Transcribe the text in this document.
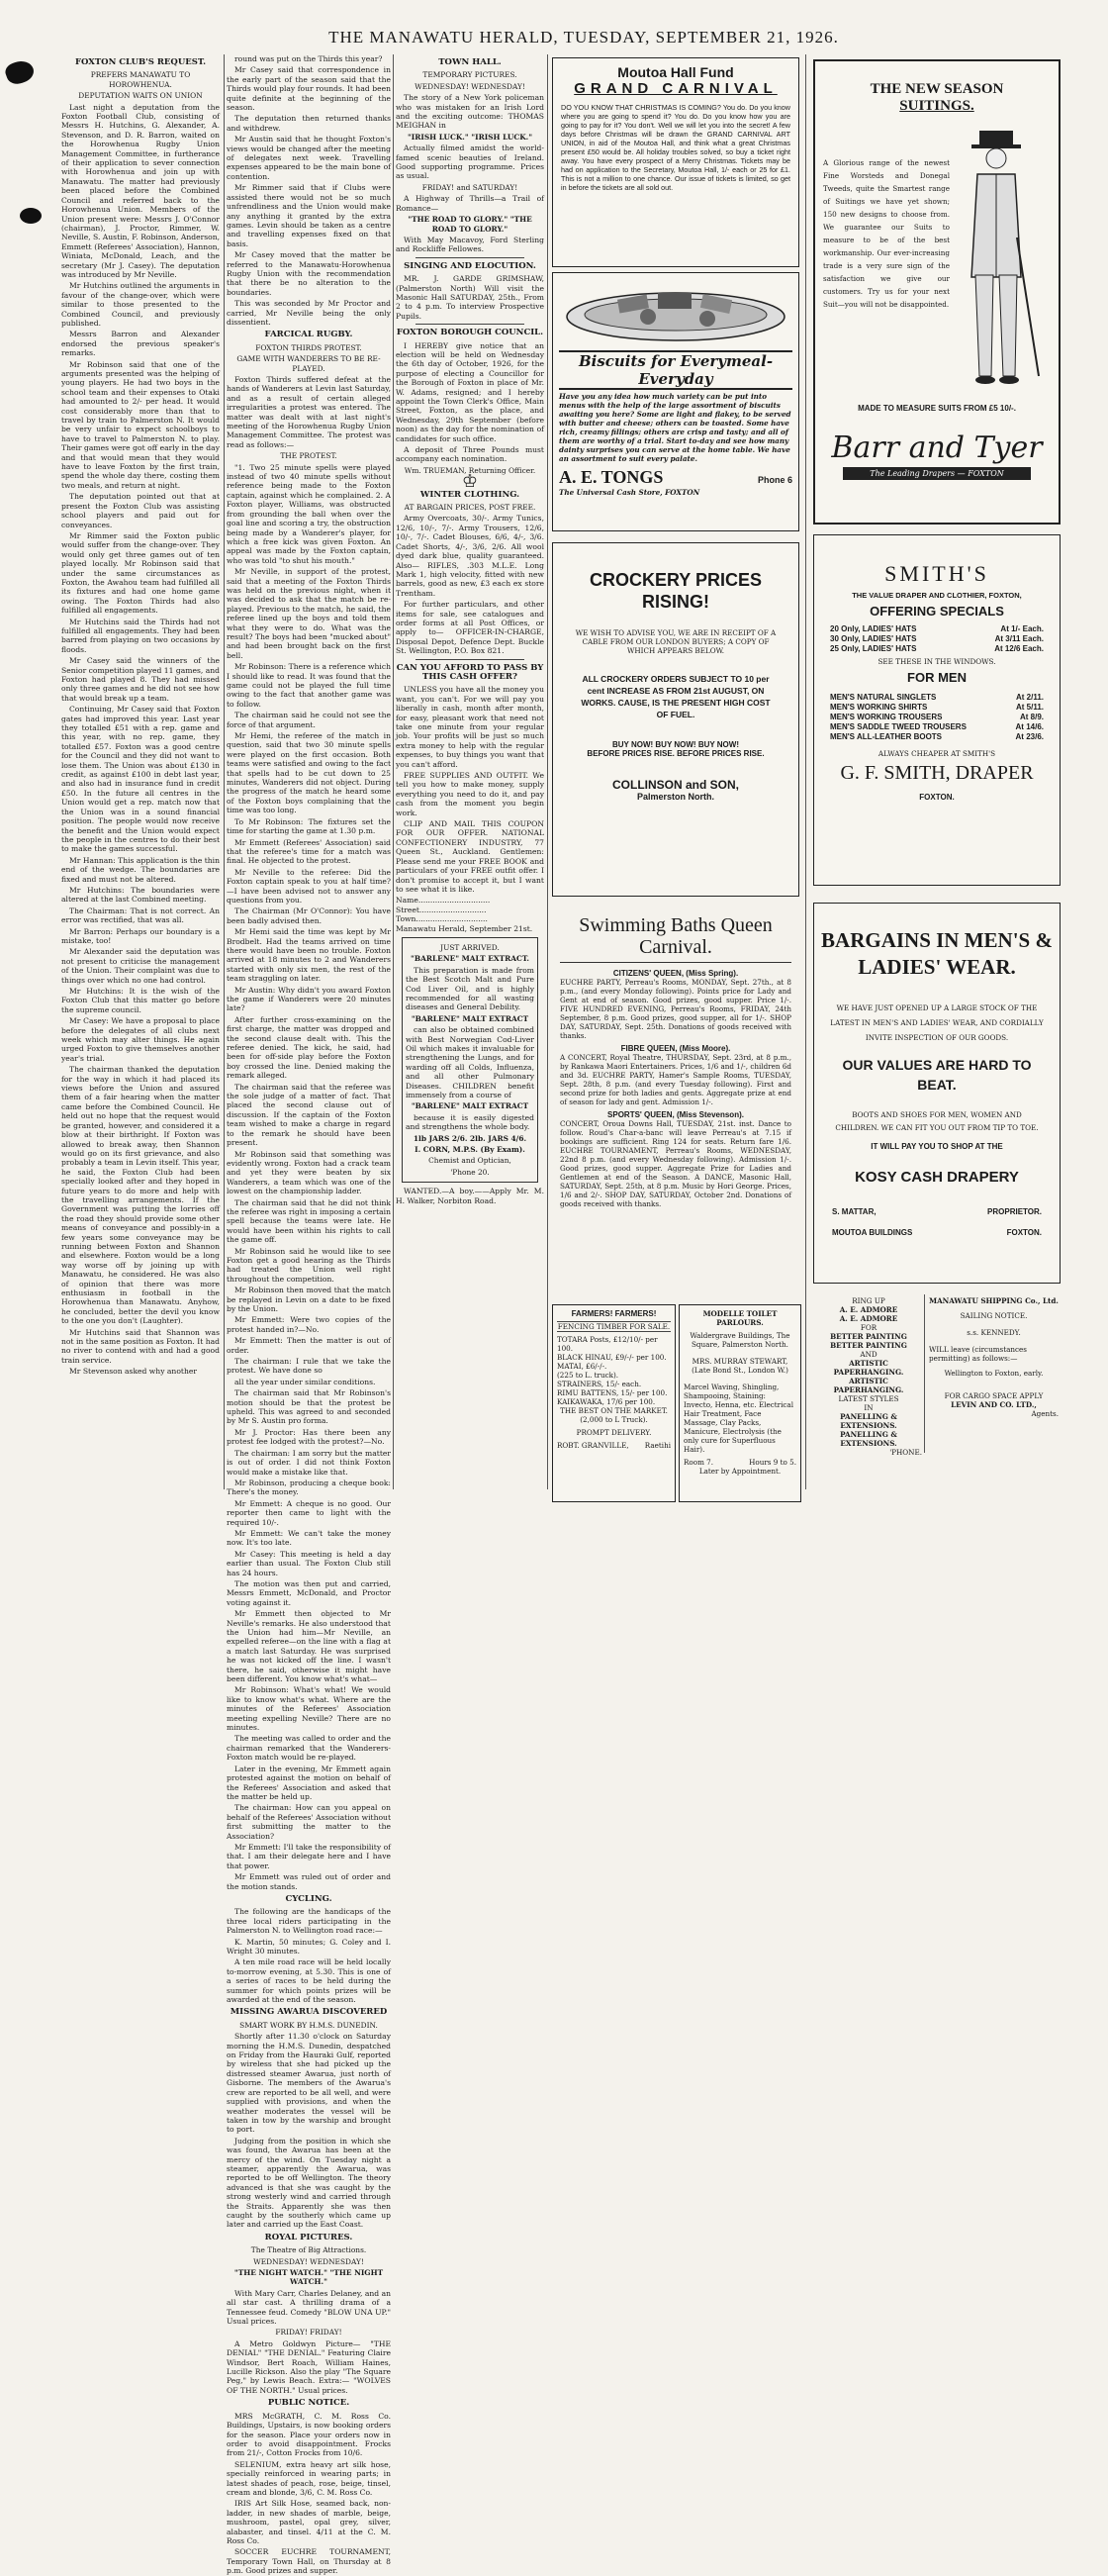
THE MANAWATU HERALD, TUESDAY, SEPTEMBER 21, 1926.
FOXTON CLUB'S REQUEST.
PREFERS MANAWATU TO HOROWHENUA.
DEPUTATION WAITS ON UNION

Last night a deputation from the Foxton Football Club, consisting of Messrs H. Hutchins, G. Alexander, A. Stevenson, and D. R. Barron, waited on the Horowhenua Rugby Union Management Committee, in furtherance of their application to sever connection with Horowhenua and join up with Manawatu. The matter had previously been placed before the Combined Council and referred back to the Horowhenua Union. Members of the Union present were: Messrs J. O'Connor (chairman), J. Proctor, Rimmer, W. Neville, S. Austin, F. Robinson, Anderson, Emmett (Referees' Association), Hannon, Winiata, McDonald, Leach, and the secretary (Mr J. Casey). The deputation was introduced by Mr Neville.

Mr Hutchins outlined the arguments in favour of the change-over, which were similar to those presented to the Combined Council, and previously published.

Messrs Barron and Alexander endorsed the previous speaker's remarks.

Mr Robinson said that one of the arguments presented was the helping of young players. He had two boys in the school team and their expenses to Otaki had amounted to 2/- per head. It would cost considerably more than that to travel by train to Palmerston N. It would be very unfair to expect schoolboys to have to travel to Palmerston N. to play. Their games were got off early in the day and that would mean that they would have to leave Foxton by the first train, spend the whole day there, costing them two meals, and return at night.

The deputation pointed out that at present the Foxton Club was assisting school players and paid out for conveyances.

Mr Rimmer said the Foxton public would suffer from the change-over. They would only get three games out of ten played locally. Mr Robinson said that under the same circumstances as Foxton, the Awahou team had fulfilled all its fixtures and had one home game owing. The Foxton Thirds had also fulfilled all engagements.

Mr Hutchins said the Thirds had not fulfilled all engagements. They had been barred from playing on two occasions by floods.

Mr Casey said the winners of the Senior competition played 11 games, and Foxton had played 8. They had missed only three games and he did not see how that would break up a team.

Continuing, Mr Casey said that Foxton gates had improved this year. Last year they totalled £51 with a rep. game and this year, with no rep. game, they totalled £57. Foxton was a good centre for the Council and they did not want to lose them. The Union was about £130 in credit, as against £100 in debt last year, and also had in insurance fund in credit £50. In the future all centres in the Union would get a rep. match now that the Union was in a sound financial position. The people would now receive the benefit and the Union would expect the people in the centres to do their best to make the games successful.

Mr Hannan: This application is the thin end of the wedge. The boundaries are fixed and must not be altered.

Mr Hutchins: The boundaries were altered at the last Combined meeting.

The Chairman: That is not correct. An error was rectified, that was all.

Mr Barron: Perhaps our boundary is a mistake, too!

Mr Alexander said the deputation was not present to criticise the management of the Union. Their complaint was due to things over which no one had control.

Mr Hutchins: It is the wish of the Foxton Club that this matter go before the supreme council.

Mr Casey: We have a proposal to place before the delegates of all clubs next week which may alter things. He again urged Foxton to give themselves another year's trial.

The chairman thanked the deputation for the way in which it had placed its views before the Union and assured them of a fair hearing when the matter came before the Combined Council. He held out no hope that the request would be granted, however, and considered it a blow at their birthright. If Foxton was allowed to break away, then Shannon would go on its first grievance, and also probably a team in Levin itself. This year, he said, the Foxton Club had been specially looked after and they hoped in future years to do more and help with the travelling arrangements. If the Government was putting the lorries off the road they should provide some other means of conveyance and possibly-in a few years some conveyance may be running between Foxton and Shannon and elsewhere. Foxton would be a long way worse off by joining up with Manawatu, he considered. He was also of opinion that there was more enthusiasm in football in the Horowhenua than Manawatu. Anyhow, he concluded, better the devil you know to the one you don't (Laughter).

Mr Hutchins said that Shannon was not in the same position as Foxton. It had no river to contend with and had a good train service.

Mr Stevenson asked why another

round was put on the Thirds this year?

Mr Casey said that correspondence in the early part of the season said that the Thirds would play four rounds. It had been quite definite at the beginning of the season.

The deputation then returned thanks and withdrew.

Mr Austin said that he thought Foxton's views would be changed after the meeting of delegates next week. Travelling expenses appeared to be the main bone of contention.

Mr Rimmer said that if Clubs were assisted there would not be so much unfrendliness and the Union would make any anything it granted by the extra games. Levin should be taken as a centre and travelling expenses fixed on that basis.

Mr Casey moved that the matter be referred to the Manawatu-Horowhenua Rugby Union with the recommendation that there be no alteration to the boundaries.

This was seconded by Mr Proctor and carried, Mr Neville being the only dissentient.

FARCICAL RUGBY.
FOXTON THIRDS PROTEST.
GAME WITH WANDERERS TO BE RE-PLAYED.

Foxton Thirds suffered defeat at the hands of Wanderers at Levin last Saturday, and as a result of certain alleged irregularities a protest was entered. The matter was dealt with at last night's meeting of the Horowhenua Rugby Union Management Committee. The protest was read as follows:—

THE PROTEST.

"1. Two 25 minute spells were played instead of two 40 minute spells without reference being made to the Foxton captain, against which he complained. 2. A Foxton player, Williams, was obstructed from grounding the ball when over the goal line and scoring a try, the obstruction being made by a Wanderer's player, for which a free kick was given Foxton. An appeal was made by the Foxton captain, who was told "to shut his mouth."

Mr Neville, in support of the protest, said that a meeting of the Foxton Thirds was held on the previous night, when it was decided to ask that the match be re-played. Previous to the match, he said, the referee lined up the boys and told them what they were to do. What was the result? The boys had been "mucked about" and had been brought back on the first bell.

Mr Robinson: There is a reference which I should like to read. It was found that the game could not be played the full time owing to the fact that another game was to follow.

The chairman said he could not see the force of that argument.

Mr Hemi, the referee of the match in question, said that two 30 minute spells were played on the first occasion. Both teams were satisfied and owing to the fact that spells had to be cut down to 25 minutes, Wanderers did not object. During the progress of the match he heard some of the Foxton boys complaining that the time was too long.

To Mr Robinson: The fixtures set the time for starting the game at 1.30 p.m.

Mr Emmett (Referees' Association) said that the referee's time for a match was final. He objected to the protest.

Mr Neville to the referee: Did the Foxton captain speak to you at half time?—I have been advised not to answer any questions from you.

The Chairman (Mr O'Connor): You have been badly advised then.

Mr Hemi said the time was kept by Mr Brodbelt. Had the teams arrived on time there would have been no trouble. Foxton arrived at 18 minutes to 2 and Wanderers started with only six men, the rest of the team straggling on later.

Mr Austin: Why didn't you award Foxton the game if Wanderers were 20 minutes late?

After further cross-examining on the first charge, the matter was dropped and the second clause dealt with. This the referee denied. The kick, he said, had been for off-side play before the Foxton boy crossed the line. Denied making the remark alleged.

The chairman said that the referee was the sole judge of a matter of fact. That placed the second clause out of discussion. If the captain of the Foxton team wished to make a charge in regard to the remark he should have been present.

Mr Robinson said that something was evidently wrong. Foxton had a crack team and yet they were beaten by six Wanderers, a team which was one of the lowest on the championship ladder.

The chairman said that he did not think the referee was right in imposing a certain spell because the teams were late. He would have been within his rights to call the game off.

Mr Robinson said he would like to see Foxton get a good hearing as the Thirds had treated the Union well right throughout the competition.

Mr Robinson then moved that the match be replayed in Levin on a date to be fixed by the Union.

Mr Emmett: Were two copies of the protest handed in?—No.

Mr Emmett: Then the matter is out of order.

The chairman: I rule that we take the protest. We have done so

all the year under similar conditions.

The chairman said that Mr Robinson's motion should be that the protest be upheld. This was agreed to and seconded by Mr S. Austin pro forma.

Mr J. Proctor: Has there been any protest fee lodged with the protest?—No.

The chairman: I am sorry but the matter is out of order. I did not think Foxton would make a mistake like that.

Mr Robinson, producing a cheque book: There's the money.

Mr Emmett: A cheque is no good. Our reporter then came to light with the required 10/-.

Mr Emmett: We can't take the money now. It's too late.

Mr Casey: This meeting is held a day earlier than usual. The Foxton Club still has 24 hours.

The motion was then put and carried, Messrs Emmett, McDonald, and Proctor voting against it.

Mr Emmett then objected to Mr Neville's remarks. He also understood that the Union had him—Mr Neville, an expelled referee—on the line with a flag at a match last Saturday. He was surprised he was not kicked off the line. I wasn't there, he said, otherwise it might have been different. You know what's what—

Mr Robinson: What's what! We would like to know what's what. Where are the minutes of the Referees' Association meeting expelling Neville? There are no minutes.

The meeting was called to order and the chairman remarked that the Wanderers-Foxton match would be re-played.

Later in the evening, Mr Emmett again protested against the motion on behalf of the Referees' Association and asked that the matter be held up.

The chairman: How can you appeal on behalf of the Referees' Association without first submitting the matter to the Association?

Mr Emmett: I'll take the responsibility of that. I am their delegate here and I have that power.

Mr Emmett was ruled out of order and the motion stands.

CYCLING.

The following are the handicaps of the three local riders participating in the Palmerston N. to Wellington road race:—

K. Martin, 50 minutes; G. Coley and I. Wright 30 minutes.

A ten mile road race will be held locally to-morrow evening, at 5.30. This is one of a series of races to be held during the summer for which points prizes will be awarded at the end of the season.

MISSING AWARUA DISCOVERED
SMART WORK BY H.M.S. DUNEDIN.

Shortly after 11.30 o'clock on Saturday morning the H.M.S. Dunedin, despatched on Friday from the Hauraki Gulf, reported by wireless that she had picked up the distressed steamer Awarua, just north of Gisborne. The members of the Awarua's crew are reported to be all well, and were supplied with provisions, and when the weather moderates the vessel will be taken in tow by the warship and brought to port.

Judging from the position in which she was found, the Awarua has been at the mercy of the wind. On Tuesday night a steamer, apparently the Awarua, was reported to be off Wellington. The theory advanced is that she was caught by the strong westerly wind and carried through the Straits. Apparently she was then caught by the southerly which came up later and carried up the East Coast.

ROYAL PICTURES.
The Theatre of Big Attractions.
WEDNESDAY! WEDNESDAY!
"THE NIGHT WATCH." "THE NIGHT WATCH."

With Mary Carr, Charles Delaney, and an all star cast. A thrilling drama of a Tennessee feud. Comedy "BLOW UNA UP." Usual prices.

FRIDAY! FRIDAY!

A Metro Goldwyn Picture— "THE DENIAL" "THE DENIAL." Featuring Claire Windsor, Bert Roach, William Haines, Lucille Rickson. Also the play "The Square Peg," by Lewis Beach. Extra:— "WOLVES OF THE NORTH." Usual prices.

PUBLIC NOTICE.

MRS McGRATH, C. M. Ross Co. Buildings, Upstairs, is now booking orders for the season. Place your orders now in order to avoid disappointment. Frocks from 21/-, Cotton Frocks from 10/6.

SELENIUM, extra heavy art silk hose, specially reinforced in wearing parts; in latest shades of peach, rose, beige, tinsel, cream and blonde, 3/6, C. M. Ross Co.

IRIS Art Silk Hose, seamed back, non-ladder, in new shades of marble, beige, mushroom, pastel, opal grey, silver, alabaster, and tinsel. 4/11 at the C. M. Ross Co.

SOCCER EUCHRE TOURNAMENT, Temporary Town Hall, on Thursday at 8 p.m. Good prizes and supper.

TOWN HALL.
TEMPORARY PICTURES.
WEDNESDAY! WEDNESDAY!

The story of a New York policeman who was mistaken for an Irish Lord and the exciting outcome: THOMAS MEIGHAN in

"IRISH LUCK." "IRISH LUCK."

Actually filmed amidst the world-famed scenic beauties of Ireland. Good supporting programme. Prices as usual.

FRIDAY! and SATURDAY!

A Highway of Thrills—a Trail of Romance—

"THE ROAD TO GLORY." "THE ROAD TO GLORY."

With May Macavoy, Ford Sterling and Rockliffe Fellowes.

SINGING AND ELOCUTION.

MR. J. GARDE GRIMSHAW, (Palmerston North) Will visit the Masonic Hall SATURDAY, 25th., From 2 to 4 p.m. To interview Prospective Pupils.

FOXTON BOROUGH COUNCIL.

I HEREBY give notice that an election will be held on Wednesday the 6th day of October, 1926, for the purpose of electing a Councillor for the Borough of Foxton in place of Mr. W. Adams, resigned; and I hereby appoint the Town Clerk's Office, Main Street, Foxton, as the place, and Wednesday, 29th September (before noon) as the day for the nomination of candidates for such office.

A deposit of Three Pounds must accompany each nomination.

Wm. TRUEMAN, Returning Officer.
♔
WINTER CLOTHING.
AT BARGAIN PRICES, POST FREE.

Army Overcoats, 30/-. Army Tunics, 12/6, 10/-, 7/-. Army Trousers, 12/6, 10/-, 7/-. Cadet Blouses, 6/6, 4/-, 3/6. Cadet Shorts, 4/-, 3/6, 2/6. All wool dyed dark blue, quality guaranteed. Also— RIFLES, .303 M.L.E. Long Mark 1, high velocity, fitted with new barrels, good as new, £3 each ex store Trentham.

For further particulars, and other items for sale, see catalogues and order forms at all Post Offices, or apply to— OFFICER-IN-CHARGE, Disposal Depot, Defence Dept. Buckle St. Wellington, P.O. Box 821.

CAN YOU AFFORD TO PASS BY THIS CASH OFFER?

UNLESS you have all the money you want, you can't. For we will pay you liberally in cash, month after month, for easy, pleasant work that need not take one minute from your regular job. Your profits will be just so much extra money to help with the regular expenses, to buy things you want that you can't afford.

FREE SUPPLIES AND OUTFIT. We tell you how to make money, supply everything you need to do it, and pay cash from the moment you begin work.

CLIP AND MAIL THIS COUPON FOR OUR OFFER. NATIONAL CONFECTIONERY INDUSTRY, 77 Queen St., Auckland. Gentlemen: Please send me your FREE BOOK and particulars of your FREE outfit offer. I don't promise to accept it, but I want to see what it is like.

Name..............................
Street............................
Town..............................
Manawatu Herald, September 21st.
JUST ARRIVED.
"BARLENE" MALT EXTRACT.

This preparation is made from the Best Scotch Malt and Pure Cod Liver Oil, and is highly recommended for all wasting diseases and General Debility.

"BARLENE" MALT EXTRACT

can also be obtained combined with Best Norwegian Cod-Liver Oil which makes it invaluable for strengthening the Lungs, and for warding off all Colds, Influenza, and all other Pulmonary Diseases. CHILDREN benefit immensely from a course of

"BARLENE" MALT EXTRACT

because it is easily digested and strengthens the whole body.

1lb JARS 2/6. 2lb. JARS 4/6.
I. CORN, M.P.S. (By Exam).
Chemist and Optician,
'Phone 20.

WANTED.—A boy.——Apply Mr. M. H. Walker, Norbiton Road.

Moutoa Hall Fund
GRAND CARNIVAL
DO YOU KNOW THAT CHRISTMAS IS COMING? You do. Do you know where you are going to spend it? You do. Do you know how you are going to pay for it? You don't. Well we will let you into the secret! A few days before Christmas will be drawn the GRAND CARNIVAL ART UNION, in aid of the Moutoa Hall, and think what a great Christmas present £50 would be. All holiday troubles solved, so buy a ticket right away. You have every prospect of a Merry Christmas. Tickets may be had on application to the Secretary, Moutoa Hall, 1/- each or 25 for £1. This is not a million to one chance. Our issue of tickets is limited, so get in before the tickets are all sold out.
Biscuits for Everymeal-Everyday
Have you any idea how much variety can be put into menus with the help of the large assortment of biscuits awaiting you here? Some are light and flakey, to be served with butter and cheese; others can be toasted. Some have rich, creamy fillings; others are crisp and tasty; and all of them are worthy of a trial. Start to-day and see how many dainty surprises you can serve at the home table. We have an assortment to suit every palate.
A. E. TONGS	Phone 6
The Universal Cash Store, FOXTON
CROCKERY PRICES RISING!
WE WISH TO ADVISE YOU, WE ARE IN RECEIPT OF A CABLE FROM OUR LONDON BUYERS; A COPY OF WHICH APPEARS BELOW.
ALL CROCKERY ORDERS SUBJECT TO 10 per cent INCREASE AS FROM 21st AUGUST, ON WORKS. CAUSE, IS THE PRESENT HIGH COST OF FUEL.
BUY NOW! BUY NOW! BUY NOW!
BEFORE PRICES RISE. BEFORE PRICES RISE.
COLLINSON and SON,
Palmerston North.
Swimming Baths Queen Carnival.
CITIZENS' QUEEN, (Miss Spring).
EUCHRE PARTY, Perreau's Rooms, MONDAY, Sept. 27th., at 8 p.m., (and every Monday following). Points price for Lady and Gent at end of season. Good prizes, good supper. Price 1/-. FIVE HUNDRED EVENING, Perreau's Rooms, FRIDAY, 24th September, 8 p.m. Good prizes, good supper, all for 1/-. SHOP DAY, SATURDAY, Sept. 25th. Donations of goods received with thanks.
FIBRE QUEEN, (Miss Moore).
A CONCERT, Royal Theatre, THURSDAY, Sept. 23rd, at 8 p.m., by Rankawa Maori Entertainers. Prices, 1/6 and 1/-, children 6d and 3d. EUCHRE PARTY, Hamer's Sample Rooms, TUESDAY, Sept. 28th, 8 p.m. (and every Tuesday following). First and second prize for both ladies and gents. Aggregate prize at end of season for lady and gent. Admission 1/-.
SPORTS' QUEEN, (Miss Stevenson).
CONCERT, Oroua Downs Hall, TUESDAY, 21st. inst. Dance to follow. Roud's Char-a-banc will leave Perreau's at 7.15 if bookings are sufficient. Ring 124 for seats. Return fare 1/6. EUCHRE TOURNAMENT, Perreau's Rooms, WEDNESDAY, 22nd 8 p.m. (and every Wednesday following). Admission 1/-. Good prizes, good supper. Aggregate Prize for Ladies and Gentlemen at end of the Season. A DANCE, Masonic Hall, SATURDAY, Sept. 25th, at 8 p.m. Music by Hori George. Prices, 1/6 and 2/-. SHOP DAY, SATURDAY, October 2nd. Donations of goods received with thanks.
FARMERS! FARMERS!
FENCING TIMBER FOR SALE.
TOTARA Posts, £12/10/- per 100.
BLACK HINAU, £9/-/- per 100.
MATAI, £6/-/-.
(225 to L. truck).
STRAINERS, 15/- each.
RIMU BATTENS, 15/- per 100.
KAIKAWAKA, 17/6 per 100.
THE BEST ON THE MARKET. (2,000 to L Truck).
PROMPT DELIVERY.
ROBT. GRANVILLE, Raetihi
MODELLE TOILET PARLOURS.
Waldergrave Buildings, The Square, Palmerston North.
MRS. MURRAY STEWART,
(Late Bond St., London W.)
Marcel Waving, Shingling, Shampooing, Staining: Invecto, Henna, etc. Electrical Hair Treatment, Face Massage, Clay Packs, Manicure, Electrolysis (the only cure for Superfluous Hair).
Room 7.	Hours 9 to 5.
Later by Appointment.
THE NEW SEASON
SUITINGS.
A Glorious range of the newest Fine Worsteds and Donegal Tweeds, quite the Smartest range of Suitings we have yet shown; 150 new designs to choose from. We guarantee our Suits to measure to be of the best workmanship. Our ever-increasing trade is a very sure sign of the satisfaction we give our customers. Try us for your next Suit—you will not be disappointed.
MADE TO MEASURE SUITS FROM £5 10/-.
Barr and Tyer
The Leading Drapers — FOXTON
SMITH'S
THE VALUE DRAPER AND CLOTHIER, FOXTON,
OFFERING SPECIALS
20 Only, LADIES' HATS	At 1/- Each.
30 Only, LADIES' HATS	At 3/11 Each.
25 Only, LADIES' HATS	At 12/6 Each.
SEE THESE IN THE WINDOWS.
FOR MEN
MEN'S NATURAL SINGLETS	At 2/11.
MEN'S WORKING SHIRTS	At 5/11.
MEN'S WORKING TROUSERS	At 8/9.
MEN'S SADDLE TWEED TROUSERS	At 14/6.
MEN'S ALL-LEATHER BOOTS	At 23/6.
ALWAYS CHEAPER AT SMITH'S
G. F. SMITH, DRAPER
FOXTON.
BARGAINS IN MEN'S & LADIES' WEAR.
WE HAVE JUST OPENED UP A LARGE STOCK OF THE LATEST IN MEN'S AND LADIES' WEAR, AND CORDIALLY INVITE INSPECTION OF OUR GOODS.
OUR VALUES ARE HARD TO BEAT.
BOOTS AND SHOES FOR MEN, WOMEN AND CHILDREN. WE CAN FIT YOU OUT FROM TIP TO TOE.
IT WILL PAY YOU TO SHOP AT THE
KOSY CASH DRAPERY
S. MATTAR,	PROPRIETOR.
MOUTOA BUILDINGS	FOXTON.
RING UP
A. E. ADMORE
A. E. ADMORE
FOR
BETTER PAINTING
BETTER PAINTING
AND
ARTISTIC PAPERHANGING.
ARTISTIC PAPERHANGING.
LATEST STYLES
IN
PANELLING & EXTENSIONS.
PANELLING & EXTENSIONS.
'PHONE.
MANAWATU SHIPPING Co., Ltd.
SAILING NOTICE.
s.s. KENNEDY.
WILL leave (circumstances permitting) as follows:—
Wellington to Foxton, early.
FOR CARGO SPACE APPLY
LEVIN AND CO. LTD.,
Agents.
